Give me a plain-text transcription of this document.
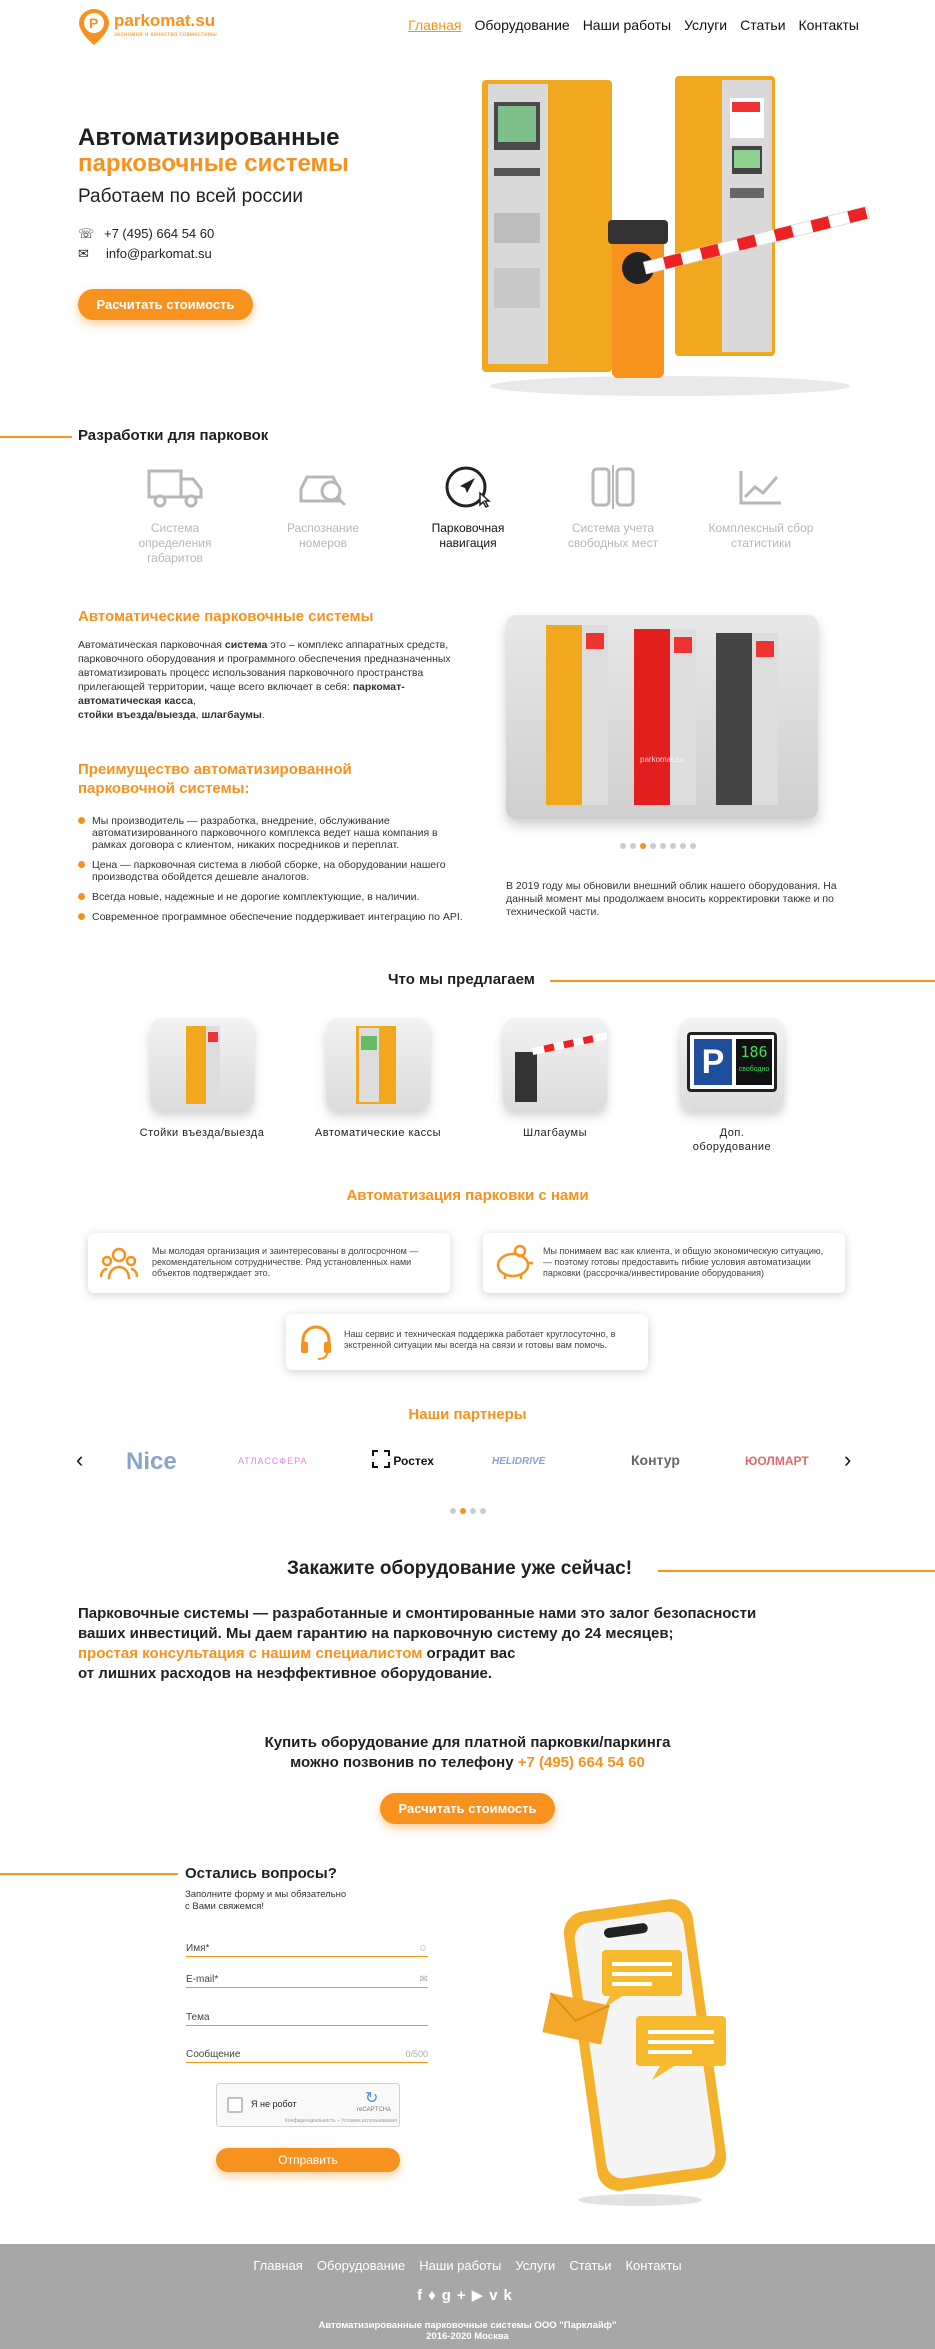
P parkomat.su
экономия и качество совместимы
Главная Оборудование Наши работы Услуги Статьи Контакты
Автоматизированные
парковочные системы
Работаем по всей россии
☏ +7 (495) 664 54 60
✉ info@parkomat.su
Расчитать стоимость
Разработки для парковок
Система определения габаритов
Распознание номеров
Парковочная навигация
Система учета свободных мест
Комплексный сбор статистики
Автоматические парковочные системы
Автоматическая парковочная система это – комплекс аппаратных средств, парковочного оборудования и программного обеспечения предназначенных автоматизировать процесс использования парковочного пространства прилегающей территории, чаще всего включает в себя: паркомат-автоматическая касса,
стойки въезда/выезда, шлагбаумы.
Преимущество автоматизированной парковочной системы:
Мы производитель — разработка, внедрение, обслуживание автоматизированного парковочного комплекса ведет наша компания в рамках договора с клиентом, никаких посредников и переплат.
Цена — парковочная система в любой сборке, на оборудовании нашего производства обойдется дешевле аналогов.
Всегда новые, надежные и не дорогие комплектующие, в наличии.
Современное программное обеспечение поддерживает интеграцию по API.
parkomat.su
В 2019 году мы обновили внешний облик нашего оборудования. На данный момент мы продолжаем вносить корректировки также и по технической части.
Что мы предлагаем
Стойки въезда/выезда	Автоматические кассы	Шлагбаумы
P	186
свободно
Доп. оборудование
Автоматизация парковки с нами
Мы молодая организация и заинтересованы в долгосрочном — рекомендательном сотрудничестве. Ряд установленных нами объектов подтверждает это.
Мы понимаем вас как клиента, и общую экономическую ситуацию, — поэтому готовы предоставить гибкие условия автоматизации парковки (рассрочка/инвестирование оборудования)
Наш сервис и техническая поддержка работает круглосуточно, в экстренной ситуации мы всегда на связи и готовы вам помочь.
Наши партнеры
‹	›
Nice	АТЛАССФЕРА	Ростех	HELIDRIVE	Контур	ЮОЛМАРТ
Закажите оборудование уже сейчас!
Парковочные системы — разработанные и смонтированные нами это залог безопасности ваших инвестиций. Мы даем гарантию на парковочную систему до 24 месяцев;
простая консультация с нашим специалистом оградит вас
от лишних расходов на неэффективное оборудование.
Купить оборудование для платной парковки/паркинга
можно позвонив по телефону +7 (495) 664 54 60
Расчитать стоимость
Остались вопросы?
Заполните форму и мы обязательно
с Вами свяжемся!
Имя*	☺
E-mail*	✉
Тема
Сообщение	0/500
Я не робот	↻
reCAPTCHA
Конфиденциальность – Условия использования
Отправить
Главная Оборудование Наши работы Услуги Статьи Контакты
f♦g+▶vk
Автоматизированные парковочные системы ООО "Парклайф"
2016-2020 Москва
